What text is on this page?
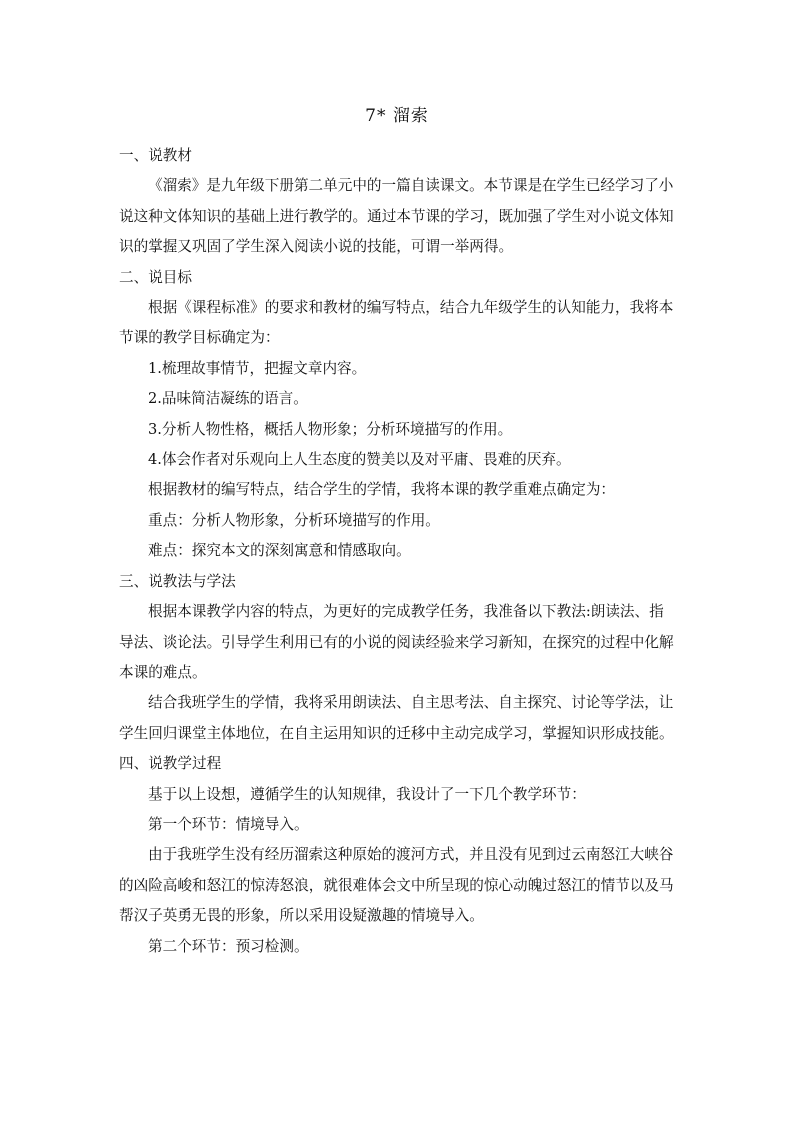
7* 溜索

一、说教材

《溜索》是九年级下册第二单元中的一篇自读课文。本节课是在学生已经学习了小说这种文体知识的基础上进行教学的。通过本节课的学习，既加强了学生对小说文体知识的掌握又巩固了学生深入阅读小说的技能，可谓一举两得。

二、说目标

根据《课程标准》的要求和教材的编写特点，结合九年级学生的认知能力，我将本节课的教学目标确定为：

1.梳理故事情节，把握文章内容。

2.品味简洁凝练的语言。

3.分析人物性格，概括人物形象；分析环境描写的作用。

4.体会作者对乐观向上人生态度的赞美以及对平庸、畏难的厌弃。

根据教材的编写特点，结合学生的学情，我将本课的教学重难点确定为：

重点：分析人物形象，分析环境描写的作用。

难点：探究本文的深刻寓意和情感取向。

三、说教法与学法

根据本课教学内容的特点，为更好的完成教学任务，我准备以下教法:朗读法、指导法、谈论法。引导学生利用已有的小说的阅读经验来学习新知，在探究的过程中化解本课的难点。

结合我班学生的学情，我将采用朗读法、自主思考法、自主探究、讨论等学法，让学生回归课堂主体地位，在自主运用知识的迁移中主动完成学习，掌握知识形成技能。

四、说教学过程

基于以上设想，遵循学生的认知规律，我设计了一下几个教学环节：

第一个环节：情境导入。

由于我班学生没有经历溜索这种原始的渡河方式，并且没有见到过云南怒江大峡谷的凶险高峻和怒江的惊涛怒浪，就很难体会文中所呈现的惊心动魄过怒江的情节以及马帮汉子英勇无畏的形象，所以采用设疑激趣的情境导入。

第二个环节：预习检测。
